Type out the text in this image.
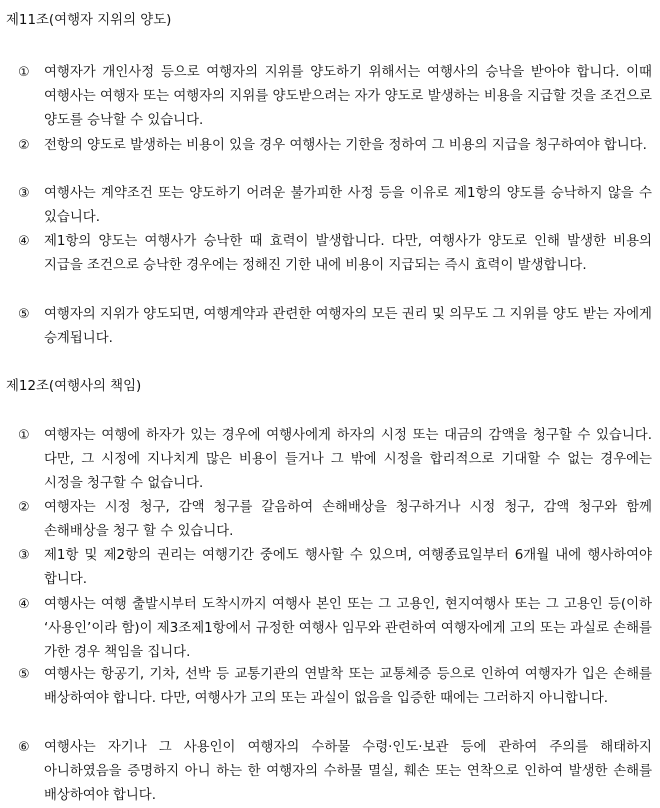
제11조(여행자 지위의 양도)
① 여행자가 개인사정 등으로 여행자의 지위를 양도하기 위해서는 여행사의 승낙을 받아야 합니다. 이때 여행사는 여행자 또는 여행자의 지위를 양도받으려는 자가 양도로 발생하는 비용을 지급할 것을 조건으로 양도를 승낙할 수 있습니다.

② 전항의 양도로 발생하는 비용이 있을 경우 여행사는 기한을 정하여 그 비용의 지급을 청구하여야 합니다.

③ 여행사는 계약조건 또는 양도하기 어려운 불가피한 사정 등을 이유로 제1항의 양도를 승낙하지 않을 수 있습니다.

④ 제1항의 양도는 여행사가 승낙한 때 효력이 발생합니다. 다만, 여행사가 양도로 인해 발생한 비용의 지급을 조건으로 승낙한 경우에는 정해진 기한 내에 비용이 지급되는 즉시 효력이 발생합니다.

⑤ 여행자의 지위가 양도되면, 여행계약과 관련한 여행자의 모든 권리 및 의무도 그 지위를 양도 받는 자에게 승계됩니다.

제12조(여행사의 책임)
① 여행자는 여행에 하자가 있는 경우에 여행사에게 하자의 시정 또는 대금의 감액을 청구할 수 있습니다. 다만, 그 시정에 지나치게 많은 비용이 들거나 그 밖에 시정을 합리적으로 기대할 수 없는 경우에는 시정을 청구할 수 없습니다.

② 여행자는 시정 청구, 감액 청구를 갈음하여 손해배상을 청구하거나 시정 청구, 감액 청구와 함께 손해배상을 청구 할 수 있습니다.

③ 제1항 및 제2항의 권리는 여행기간 중에도 행사할 수 있으며, 여행종료일부터 6개월 내에 행사하여야 합니다.

④ 여행사는 여행 출발시부터 도착시까지 여행사 본인 또는 그 고용인, 현지여행사 또는 그 고용인 등(이하 ‘사용인’이라 함)이 제3조제1항에서 규정한 여행사 임무와 관련하여 여행자에게 고의 또는 과실로 손해를 가한 경우 책임을 집니다.

⑤ 여행사는 항공기, 기차, 선박 등 교통기관의 연발착 또는 교통체증 등으로 인하여 여행자가 입은 손해를 배상하여야 합니다. 다만, 여행사가 고의 또는 과실이 없음을 입증한 때에는 그러하지 아니합니다.

⑥ 여행사는 자기나 그 사용인이 여행자의 수하물 수령·인도·보관 등에 관하여 주의를 해태하지 아니하였음을 증명하지 아니 하는 한 여행자의 수하물 멸실, 훼손 또는 연착으로 인하여 발생한 손해를 배상하여야 합니다.
